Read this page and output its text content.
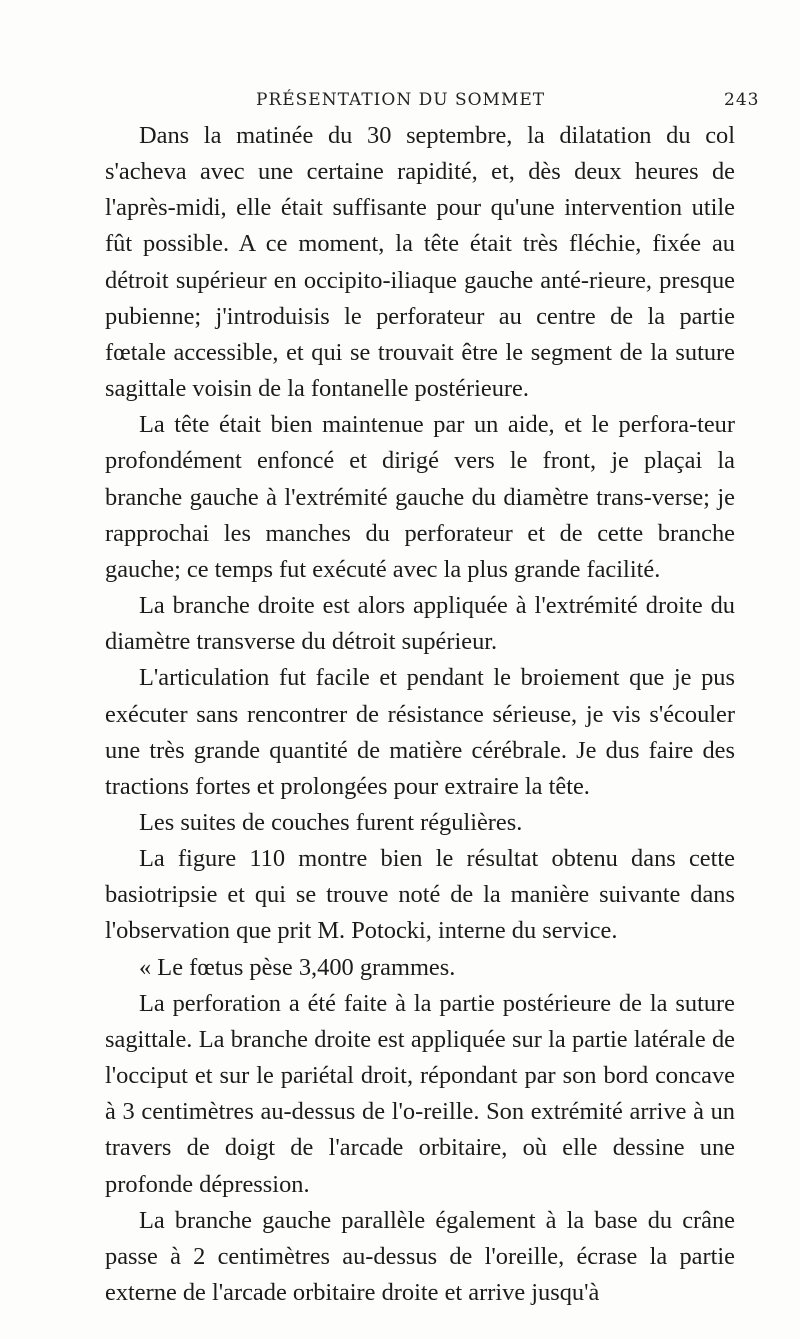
PRÉSENTATION DU SOMMET	243

Dans la matinée du 30 septembre, la dilatation du col s'acheva avec une certaine rapidité, et, dès deux heures de l'après-midi, elle était suffisante pour qu'une intervention utile fût possible. A ce moment, la tête était très fléchie, fixée au détroit supérieur en occipito-iliaque gauche anté-rieure, presque pubienne; j'introduisis le perforateur au centre de la partie fœtale accessible, et qui se trouvait être le segment de la suture sagittale voisin de la fontanelle postérieure.

La tête était bien maintenue par un aide, et le perfora-teur profondément enfoncé et dirigé vers le front, je plaçai la branche gauche à l'extrémité gauche du diamètre trans-verse; je rapprochai les manches du perforateur et de cette branche gauche; ce temps fut exécuté avec la plus grande facilité.

La branche droite est alors appliquée à l'extrémité droite du diamètre transverse du détroit supérieur.

L'articulation fut facile et pendant le broiement que je pus exécuter sans rencontrer de résistance sérieuse, je vis s'écouler une très grande quantité de matière cérébrale. Je dus faire des tractions fortes et prolongées pour extraire la tête.

Les suites de couches furent régulières.

La figure 110 montre bien le résultat obtenu dans cette basiotripsie et qui se trouve noté de la manière suivante dans l'observation que prit M. Potocki, interne du service.

« Le fœtus pèse 3,400 grammes.

La perforation a été faite à la partie postérieure de la suture sagittale. La branche droite est appliquée sur la partie latérale de l'occiput et sur le pariétal droit, répondant par son bord concave à 3 centimètres au-dessus de l'o-reille. Son extrémité arrive à un travers de doigt de l'arcade orbitaire, où elle dessine une profonde dépression.

La branche gauche parallèle également à la base du crâne passe à 2 centimètres au-dessus de l'oreille, écrase la partie externe de l'arcade orbitaire droite et arrive jusqu'à
